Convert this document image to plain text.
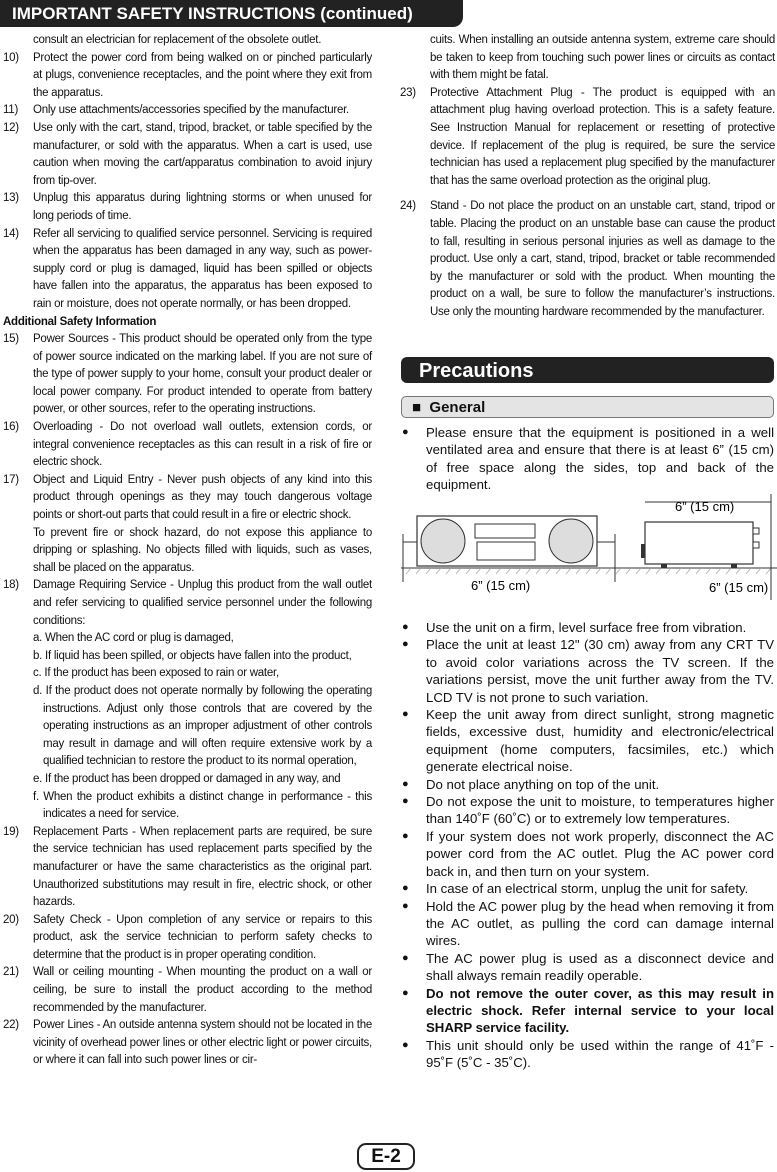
IMPORTANT SAFETY INSTRUCTIONS (continued)
consult an electrician for replacement of the obsolete outlet.
10)	Protect the power cord from being walked on or pinched particularly at plugs, convenience receptacles, and the point where they exit from the apparatus.
11)	Only use attachments/accessories specified by the manufacturer.
12)	Use only with the cart, stand, tripod, bracket, or table specified by the manufacturer, or sold with the apparatus. When a cart is used, use caution when moving the cart/apparatus combination to avoid injury from tip-over.
13)	Unplug this apparatus during lightning storms or when unused for long periods of time.
14)	Refer all servicing to qualified service personnel. Servicing is required when the apparatus has been damaged in any way, such as power-supply cord or plug is damaged, liquid has been spilled or objects have fallen into the apparatus, the apparatus has been exposed to rain or moisture, does not operate normally, or has been dropped.
Additional Safety Information
15)	Power Sources - This product should be operated only from the type of power source indicated on the marking label. If you are not sure of the type of power supply to your home, consult your product dealer or local power company. For product intended to operate from battery power, or other sources, refer to the operating instructions.
16)	Overloading - Do not overload wall outlets, extension cords, or integral convenience receptacles as this can result in a risk of fire or electric shock.
17)	Object and Liquid Entry - Never push objects of any kind into this product through openings as they may touch dangerous voltage points or short-out parts that could result in a fire or electric shock.
To prevent fire or shock hazard, do not expose this appliance to dripping or splashing. No objects filled with liquids, such as vases, shall be placed on the apparatus.
18)	Damage Requiring Service - Unplug this product from the wall outlet and refer servicing to qualified service personnel under the following conditions:
a. When the AC cord or plug is damaged,
b. If liquid has been spilled, or objects have fallen into the product,
c. If the product has been exposed to rain or water,
d. If the product does not operate normally by following the operating instructions. Adjust only those controls that are covered by the operating instructions as an improper adjustment of other controls may result in damage and will often require extensive work by a qualified technician to restore the product to its normal operation,
e. If the product has been dropped or damaged in any way, and
f. When the product exhibits a distinct change in performance - this indicates a need for service.
19)	Replacement Parts - When replacement parts are required, be sure the service technician has used replacement parts specified by the manufacturer or have the same characteristics as the original part. Unauthorized substitutions may result in fire, electric shock, or other hazards.
20)	Safety Check - Upon completion of any service or repairs to this product, ask the service technician to perform safety checks to determine that the product is in proper operating condition.
21)	Wall or ceiling mounting - When mounting the product on a wall or ceiling, be sure to install the product according to the method recommended by the manufacturer.
22)	Power Lines - An outside antenna system should not be located in the vicinity of overhead power lines or other electric light or power circuits, or where it can fall into such power lines or cir-
cuits. When installing an outside antenna system, extreme care should be taken to keep from touching such power lines or circuits as contact with them might be fatal.
23)	Protective Attachment Plug - The product is equipped with an attachment plug having overload protection. This is a safety feature. See Instruction Manual for replacement or resetting of protective device. If replacement of the plug is required, be sure the service technician has used a replacement plug specified by the manufacturer that has the same overload protection as the original plug.
24)	Stand - Do not place the product on an unstable cart, stand, tripod or table. Placing the product on an unstable base can cause the product to fall, resulting in serious personal injuries as well as damage to the product. Use only a cart, stand, tripod, bracket or table recommended by the manufacturer or sold with the product. When mounting the product on a wall, be sure to follow the manufacturer’s instructions. Use only the mounting hardware recommended by the manufacturer.
Precautions
■  General
●	Please ensure that the equipment is positioned in a well ventilated area and ensure that there is at least 6” (15 cm) of free space along the sides, top and back of the equipment.
6” (15 cm)
6” (15 cm)
6” (15 cm)
●	Use the unit on a firm, level surface free from vibration.
●	Place the unit at least 12" (30 cm) away from any CRT TV to avoid color variations across the TV screen. If the variations persist, move the unit further away from the TV. LCD TV is not prone to such variation.
●	Keep the unit away from direct sunlight, strong magnetic fields, excessive dust, humidity and electronic/electrical equipment (home computers, facsimiles, etc.) which generate electrical noise.
●	Do not place anything on top of the unit.
●	Do not expose the unit to moisture, to temperatures higher than 140˚F (60˚C) or to extremely low temperatures.
●	If your system does not work properly, disconnect the AC power cord from the AC outlet. Plug the AC power cord back in, and then turn on your system.
●	In case of an electrical storm, unplug the unit for safety.
●	Hold the AC power plug by the head when removing it from the AC outlet, as pulling the cord can damage internal wires.
●	The AC power plug is used as a disconnect device and shall always remain readily operable.
●	Do not remove the outer cover, as this may result in electric shock. Refer internal service to your local SHARP service facility.
●	This unit should only be used within the range of 41˚F - 95˚F (5˚C - 35˚C).
E-2
